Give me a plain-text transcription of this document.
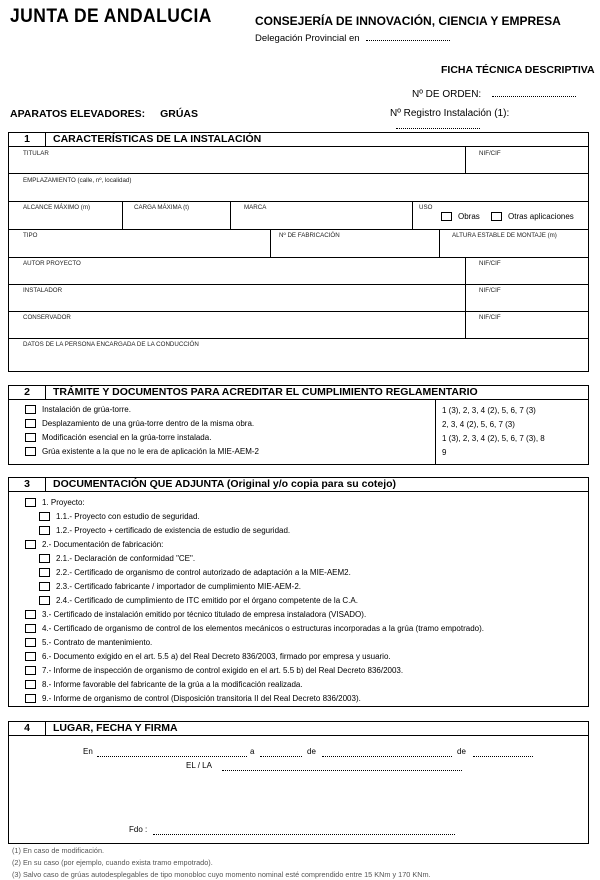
JUNTA DE ANDALUCIA	CONSEJERÍA DE INNOVACIÓN, CIENCIA Y EMPRESA
Delegación Provincial en
FICHA TÉCNICA DESCRIPTIVA
Nº DE ORDEN:
APARATOS ELEVADORES: GRÚAS	Nº Registro Instalación (1):
1	CARACTERÍSTICAS DE LA INSTALACIÓN
TITULAR	NIF/CIF
EMPLAZAMIENTO (calle, nº, localidad)
ALCANCE MÁXIMO (m)	CARGA MÁXIMA (t)	MARCA	USO
Obras	Otras aplicaciones
TIPO	Nº DE FABRICACIÓN	ALTURA ESTABLE DE MONTAJE (m)
AUTOR PROYECTO	NIF/CIF
INSTALADOR	NIF/CIF
CONSERVADOR	NIF/CIF
DATOS DE LA PERSONA ENCARGADA DE LA CONDUCCIÓN
2	TRÁMITE Y DOCUMENTOS PARA ACREDITAR EL CUMPLIMIENTO REGLAMENTARIO
Instalación de grúa-torre.	1 (3), 2, 3, 4 (2), 5, 6, 7 (3)
Desplazamiento de una grúa-torre dentro de la misma obra.	2, 3, 4 (2), 5, 6, 7 (3)
Modificación esencial en la grúa-torre instalada.	1 (3), 2, 3, 4 (2), 5, 6, 7 (3), 8
Grúa existente a la que no le era de aplicación la MIE-AEM-2	9
3	DOCUMENTACIÓN QUE ADJUNTA (Original y/o copia para su cotejo)
1. Proyecto:
1.1.- Proyecto con estudio de seguridad.
1.2.- Proyecto + certificado de existencia de estudio de seguridad.
2.- Documentación de fabricación:
2.1.- Declaración de conformidad "CE".
2.2.- Certificado de organismo de control autorizado de adaptación a la MIE-AEM2.
2.3.- Certificado fabricante / importador de cumplimiento MIE-AEM-2.
2.4.- Certificado de cumplimiento de ITC emitido por el órgano competente de la C.A.
3.- Certificado de instalación emitido por técnico titulado de empresa instaladora (VISADO).
4.- Certificado de organismo de control de los elementos mecánicos o estructuras incorporadas a la grúa (tramo empotrado).
5.- Contrato de mantenimiento.
6.- Documento exigido en el art. 5.5 a) del Real Decreto 836/2003, firmado por empresa y usuario.
7.- Informe de inspección de organismo de control exigido en el art. 5.5 b) del Real Decreto 836/2003.
8.- Informe favorable del fabricante de la grúa a la modificación realizada.
9.- Informe de organismo de control (Disposición transitoria II del Real Decreto 836/2003).
4	LUGAR, FECHA Y FIRMA
En	a	de	de
EL / LA
Fdo :
(1) En caso de modificación.
(2) En su caso (por ejemplo, cuando exista tramo empotrado).
(3) Salvo caso de grúas autodesplegables de tipo monobloc cuyo momento nominal esté comprendido entre 15 KNm y 170 KNm.
